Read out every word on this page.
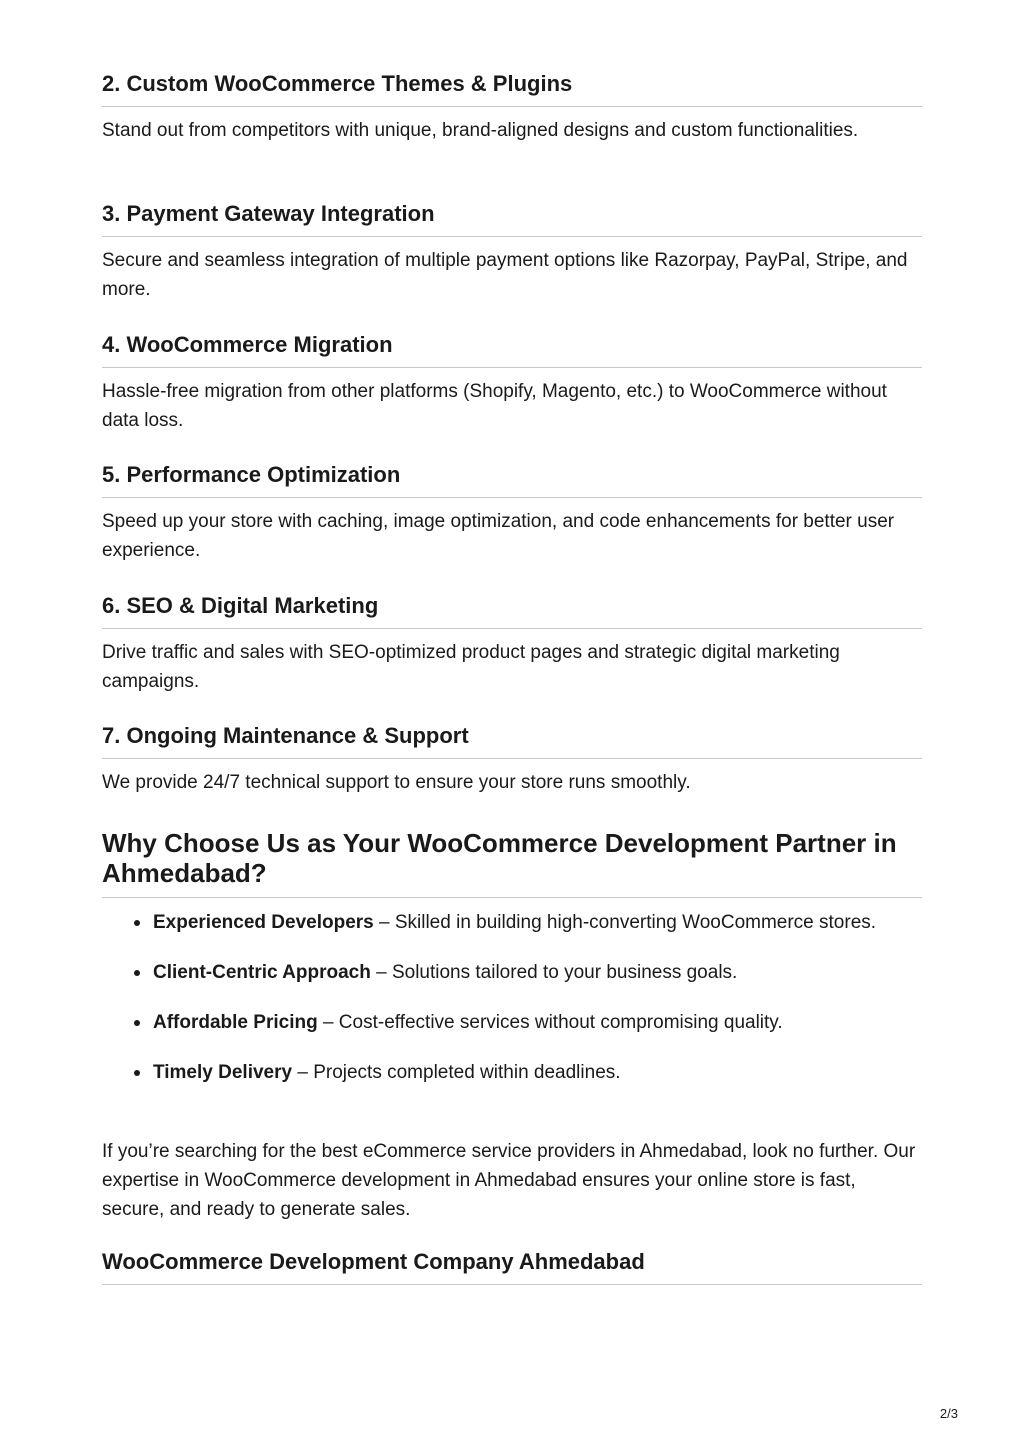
2. Custom WooCommerce Themes & Plugins

Stand out from competitors with unique, brand-aligned designs and custom functionalities.

3. Payment Gateway Integration

Secure and seamless integration of multiple payment options like Razorpay, PayPal, Stripe, and more.

4. WooCommerce Migration

Hassle-free migration from other platforms (Shopify, Magento, etc.) to WooCommerce without data loss.

5. Performance Optimization

Speed up your store with caching, image optimization, and code enhancements for better user experience.

6. SEO & Digital Marketing

Drive traffic and sales with SEO-optimized product pages and strategic digital marketing campaigns.

7. Ongoing Maintenance & Support

We provide 24/7 technical support to ensure your store runs smoothly.

Why Choose Us as Your WooCommerce Development Partner in Ahmedabad?
Experienced Developers – Skilled in building high-converting WooCommerce stores.
Client-Centric Approach – Solutions tailored to your business goals.
Affordable Pricing – Cost-effective services without compromising quality.
Timely Delivery – Projects completed within deadlines.

If you’re searching for the best eCommerce service providers in Ahmedabad, look no further. Our expertise in WooCommerce development in Ahmedabad ensures your online store is fast, secure, and ready to generate sales.

WooCommerce Development Company Ahmedabad
2/3
